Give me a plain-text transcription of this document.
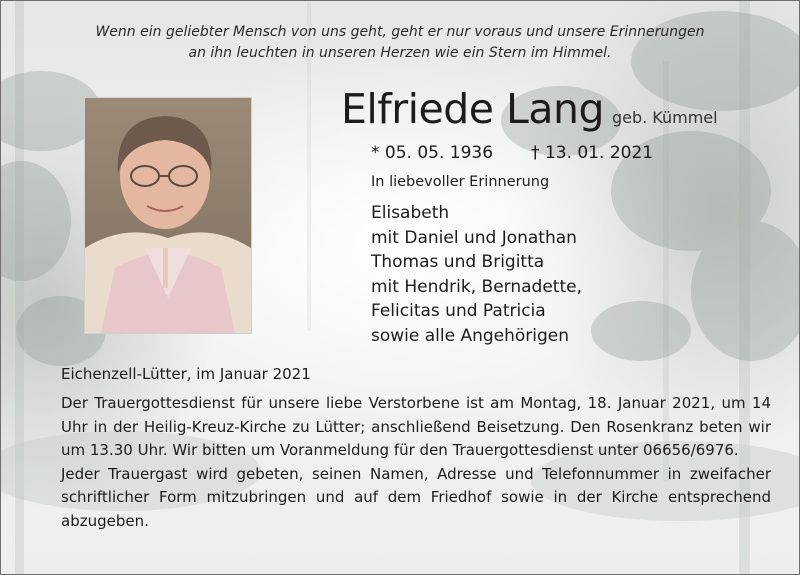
Wenn ein geliebter Mensch von uns geht, geht er nur voraus und unsere Erinnerungen
an ihn leuchten in unseren Herzen wie ein Stern im Himmel.
Elfriede Lang geb. Kümmel
* 05. 05. 1936 † 13. 01. 2021
In liebevoller Erinnerung
Elisabeth
mit Daniel und Jonathan
Thomas und Brigitta
mit Hendrik, Bernadette,
Felicitas und Patricia
sowie alle Angehörigen
Eichenzell-Lütter, im Januar 2021

Der Trauergottesdienst für unsere liebe Verstorbene ist am Montag, 18. Januar 2021, um 14 Uhr in der Heilig-Kreuz-Kirche zu Lütter; anschließend Beisetzung. Den Rosenkranz beten wir um 13.30 Uhr. Wir bitten um Voranmeldung für den Trauergottesdienst unter 06656/6976.

Jeder Trauergast wird gebeten, seinen Namen, Adresse und Telefonnummer in zweifacher schriftlicher Form mitzubringen und auf dem Friedhof sowie in der Kirche entsprechend abzugeben.
